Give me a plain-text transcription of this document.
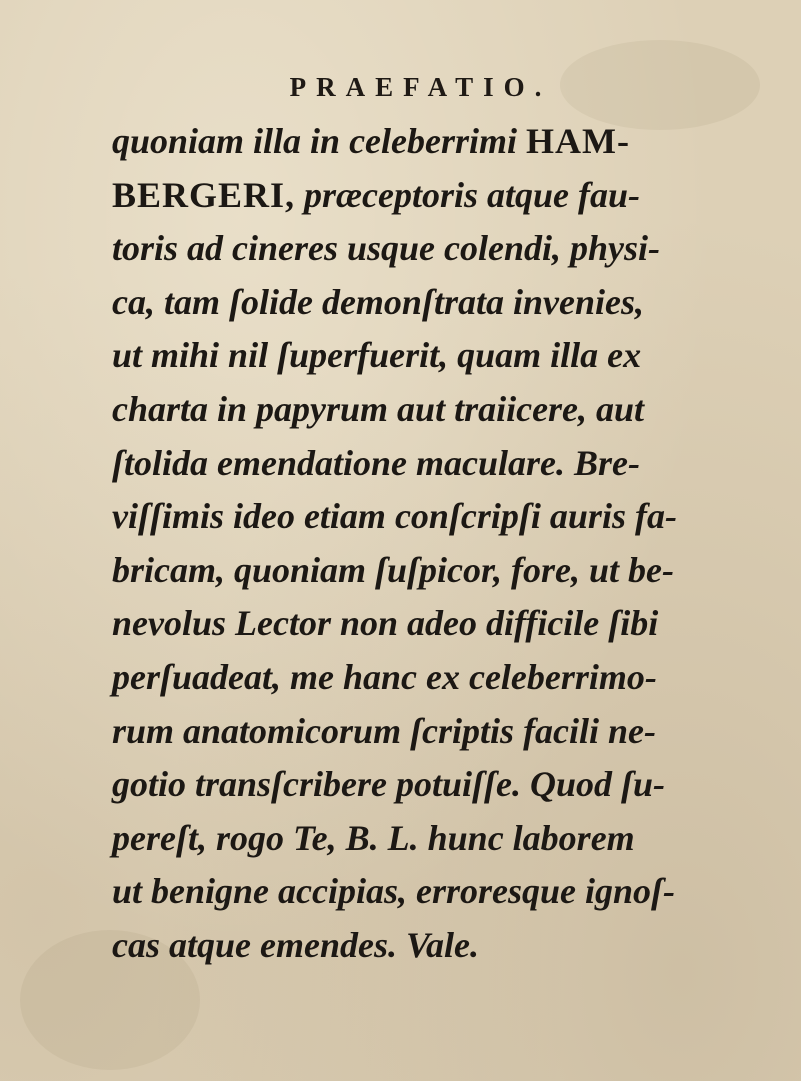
PRAEFATIO.
quoniam illa in celeberrimi HAM-
BERGERI, præceptoris atque fau-
toris ad cineres usque colendi, physi-
ca, tam ſolide demonſtrata invenies,
ut mihi nil ſuperfuerit, quam illa ex
charta in papyrum aut traiicere, aut
ſtolida emendatione maculare. Bre-
viſſimis ideo etiam conſcripſi auris fa-
bricam, quoniam ſuſpicor, fore, ut be-
nevolus Lector non adeo difficile ſibi
perſuadeat, me hanc ex celeberrimo-
rum anatomicorum ſcriptis facili ne-
gotio transſcribere potuiſſe. Quod ſu-
pereſt, rogo Te, B. L. hunc laborem
ut benigne accipias, erroresque ignoſ-
cas atque emendes. Vale.
